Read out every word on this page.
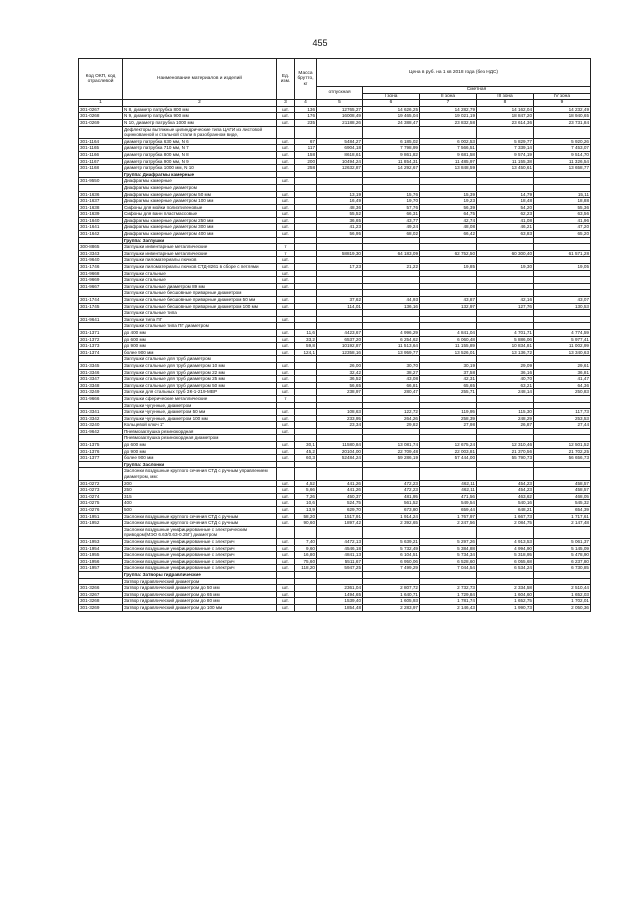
455
Код ОКП, код отраслевой	Наименование материалов и изделий	Ед. изм.	Масса брутто, кг	Цена в руб. на 1 кв 2018 года (без НДС)				
				отпускная	Сметная			
					I зона	II зона	III зона	IV зона
1	2	3	4	5	6	7	8	9
301-0267	N 8, диаметр патрубка 800 мм	шт.	136	12765,27	14 626,25	14 282,79	14 162,04	14 232,49
301-0268	N 9, диаметр патрубка 900 мм	шт.	176	16008,49	19 465,04	19 021,19	18 847,20	18 940,65
301-0269	N 10, диаметр патрубка 1000 мм	шт.	235	21188,26	24 388,47	23 832,58	23 614,36	23 731,84
	Дефлекторы вытяжные цилиндрические типа ЦАГИ из листовой оцинкованной и стальной стали в разобранном виде,							
301-1164	диаметр патрубка 630 мм, N 6	шт.	67	5484,27	6 185,02	6 002,53	5 829,77	5 920,26
301-1165	диаметр патрубка 710 мм, N 7	шт.	117	6904,18	7 798,99	7 566,51	7 339,14	7 453,07
301-1166	диаметр патрубка 800 мм, N 8	шт.	158	8618,61	9 861,82	9 681,58	9 574,19	9 514,70
301-1167	диаметр патрубка 900 мм, N 9	шт.	200	10494,24	11 854,31	11 485,97	11 155,38	11 326,54
301-1168	диаметр патрубка 1000 мм, N 10	шт.	258	12632,87	14 292,67	13 848,59	13 450,61	13 658,77
	Группа: Диафрагмы камерные							
301-9550	Диафрагмы камерные	шт.						
	Диафрагмы камерные диаметром							
301-1636	Диафрагмы камерные диаметром 50 мм	шт.		13,19	15,76	15,39	14,79	15,11
301-1637	Диафрагмы камерные диаметром 100 мм	шт.		16,49	19,70	19,23	18,48	18,88
301-1638	Сифоны для мойки полиэтиленовые	шт.		48,36	57,76	56,39	54,20	55,36
301-1639	Сифоны для ванн пластмассовые	шт.		55,52	66,31	64,75	62,23	63,56
301-1640	Диафрагмы камерные диаметром 250 мм	шт.		36,65	43,77	42,74	41,08	41,96
301-1641	Диафрагмы камерные диаметром 300 мм	шт.		41,23	49,24	48,08	46,21	47,20
301-1642	Диафрагмы камерные диаметром 400 мм	шт.		56,95	68,02	66,42	63,83	65,20
	Группа: Заглушки							
300-8865	Заглушки инвентарные металлические	т						
301-3343	Заглушки инвентарные металлические	т		58819,30	64 183,09	62 752,50	60 300,40	61 571,28
301-9640	Заглушки пиломатериалы лючков	шт.						
301-1746	Заглушки пиломатериалы лючков СТД-8261 в сборе с петлями	шт.		17,23	21,22	19,85	19,30	19,05
301-9668	Заглушки стальные	шт.						
301-9669	Заглушки стальные	шт.						
301-9667	Заглушки стальные диаметром 89 мм	шт.						
	Заглушки стальные бесшовные приварные диаметром							
301-1744	Заглушки стальные бесшовные приварные диаметром 50 мм	шт.		37,62	44,93	43,87	42,16	43,07
301-1745	Заглушки стальные бесшовные приварные диаметром 100 мм	шт.		114,01	136,16	132,97	127,76	130,53
	Заглушки стальные типа							
301-9641	Заглушки типа ПГ	шт.						
	Заглушки стальные типа ПГ диаметром							
301-1371	до 400 мм	шт.	11,6	4423,67	4 996,29	4 841,04	4 701,71	4 774,59
301-1372	до 600 мм	шт.	33,2	6537,20	6 254,62	6 060,48	5 886,06	5 977,41
301-1373	до 900 мм	шт.	59,8	10192,87	11 513,64	11 155,89	10 834,81	11 002,99
301-1374	более 900 мм	шт.	124,1	12358,16	13 959,77	13 526,01	13 136,72	13 340,63
	Заглушки стальные для труб диаметром							
301-3345	Заглушки стальные для труб диаметром 10 мм	шт.		26,00	30,70	30,19	29,09	29,61
301-3346	Заглушки стальные для труб диаметром 22 мм	шт.		32,42	38,27	37,58	36,16	36,81
301-3347	Заглушки стальные для труб диаметром 25 мм	шт.		36,52	43,08	42,31	40,70	41,47
301-3348	Заглушки стальные для труб диаметром 50 мм	шт.		56,65	66,81	65,65	63,21	64,36
301-3249	Заглушки для стальных труб ЗК-1-219-МВР	шт.		238,97	280,47	255,71	248,14	250,83
301-9666	Заглушки сферические металлические	т						
	Заглушки чугунные, диаметром							
301-3341	Заглушки чугунные, диаметром 50 мм	шт.		108,63	122,72	119,95	115,30	117,73
301-3342	Заглушки чугунные, диаметром 100 мм	шт.		233,95	264,26	258,39	248,29	253,53
301-3240	Кольцевой ключ 1"	шт.		23,34	29,82	27,98	26,87	27,44
301-9642	Пневмозаглушка резинокордная	шт.						
	Пневмозаглушка резинокордная диаметром							
301-1375	до 600 мм	шт.	30,1	11580,84	13 081,74	12 675,24	12 310,46	12 501,52
301-1376	до 900 мм	шт.	45,2	20104,00	22 709,48	22 003,81	21 370,56	21 702,25
301-1377	более 900 мм	шт.	60,3	52484,24	59 286,19	57 444,00	55 790,73	56 656,73
	Группа: Заслонки							
	Заслонки воздушные круглого сечения СТД с ручным управлением диаметром, мм:							
301-0272	200	шт.	4,52	441,26	472,23	462,11	454,23	458,57
301-0273	250	шт.	5,66	441,26	472,23	462,11	454,23	458,57
301-0274	315	шт.	7,26	450,37	481,95	471,56	463,62	468,05
301-0275	400	шт.	10,6	524,75	561,52	549,54	540,16	545,32
301-0276	500	шт.	13,9	629,70	673,80	659,44	648,21	654,39
301-1951	Заслонки воздушные круглого сечения СТД с ручным	шт.	58,20	1517,91	1 914,24	1 767,97	1 667,73	1 717,61
301-1952	Заслонки воздушные круглого сечения СТД с ручным	шт.	90,60	1897,42	2 392,65	2 247,56	2 084,75	2 147,48
	Заслонки воздушные унифицированные с электрическим приводом(МЭО 6.63/0.63-0.25Г) диаметром							
301-1953	Заслонки воздушные унифицированные с электрич	шт.	7,40	4472,13	5 639,21	5 297,26	4 913,53	5 061,37
301-1954	Заслонки воздушные унифицированные с электрич	шт.	9,60	4546,18	5 732,49	5 384,88	4 994,90	5 145,09
301-1955	Заслонки воздушные унифицированные с электрич	шт.	16,80	4841,13	6 104,51	5 734,34	5 318,95	5 478,90
301-1956	Заслонки воздушные унифицированные с электрич	шт.	75,60	5511,67	6 950,06	6 528,60	6 055,68	6 237,80
301-1957	Заслонки воздушные унифицированные с электрич	шт.	118,20	5947,25	7 499,29	7 044,54	6 534,24	6 730,85
	Группа: Затворы гидравлические							
	Затвор гидравлический диаметром							
301-3266	Затвор гидравлический диаметром до 50 мм	шт.		2361,04	2 807,72	2 732,73	2 334,58	2 510,44
301-3267	Затвор гидравлический диаметром до 65 мм	шт.		1494,65	1 640,71	1 729,84	1 604,60	1 652,03
301-3268	Затвор гидравлический диаметром до 80 мм	шт.		1539,40	1 605,93	1 781,74	1 652,75	1 702,01
301-3269	Затвор гидравлический диаметром до 100 мм	шт.		1854,48	2 283,97	2 146,43	1 990,73	2 050,36
